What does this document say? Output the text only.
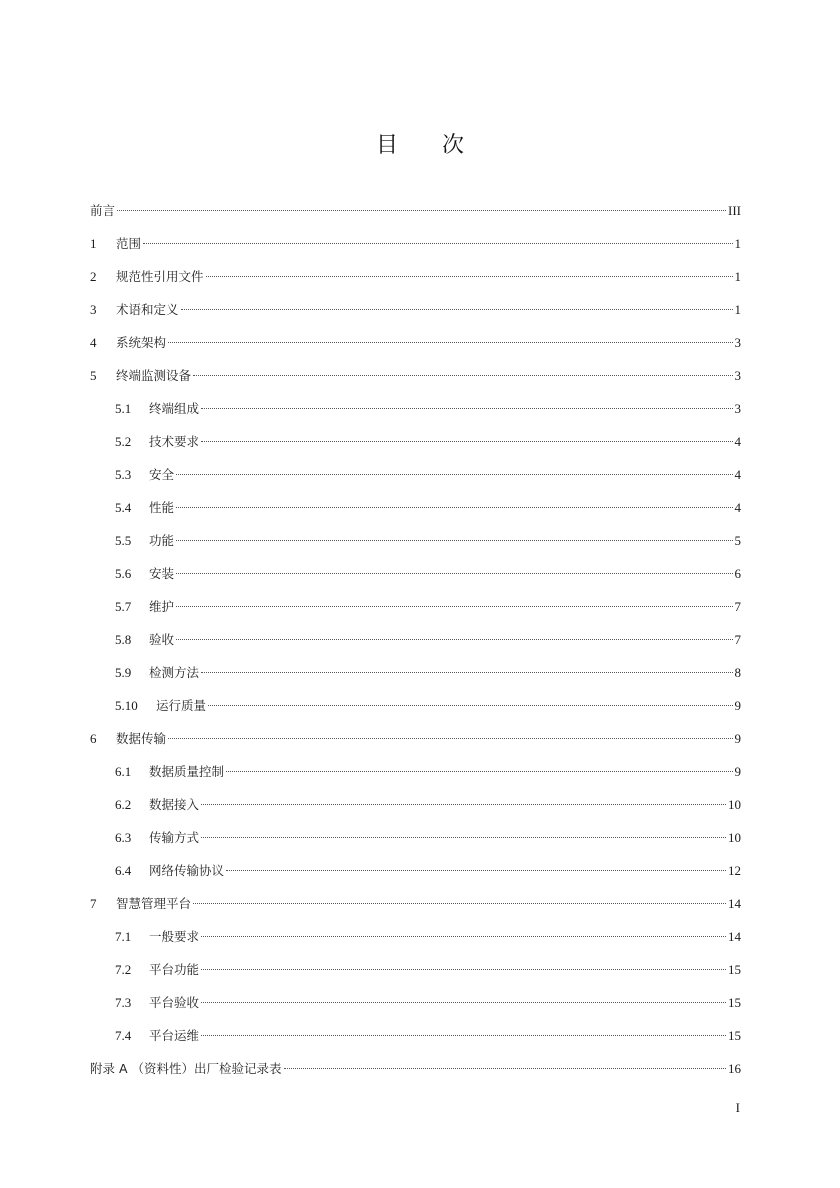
目 次
前言	III
1	范围	1
2	规范性引用文件	1
3	术语和定义	1
4	系统架构	3
5	终端监测设备	3
5.1	终端组成	3
5.2	技术要求	4
5.3	安全	4
5.4	性能	4
5.5	功能	5
5.6	安装	6
5.7	维护	7
5.8	验收	7
5.9	检测方法	8
5.10	运行质量	9
6	数据传输	9
6.1	数据质量控制	9
6.2	数据接入	10
6.3	传输方式	10
6.4	网络传输协议	12
7	智慧管理平台	14
7.1	一般要求	14
7.2	平台功能	15
7.3	平台验收	15
7.4	平台运维	15
附录 A （资料性）出厂检验记录表	16
I
